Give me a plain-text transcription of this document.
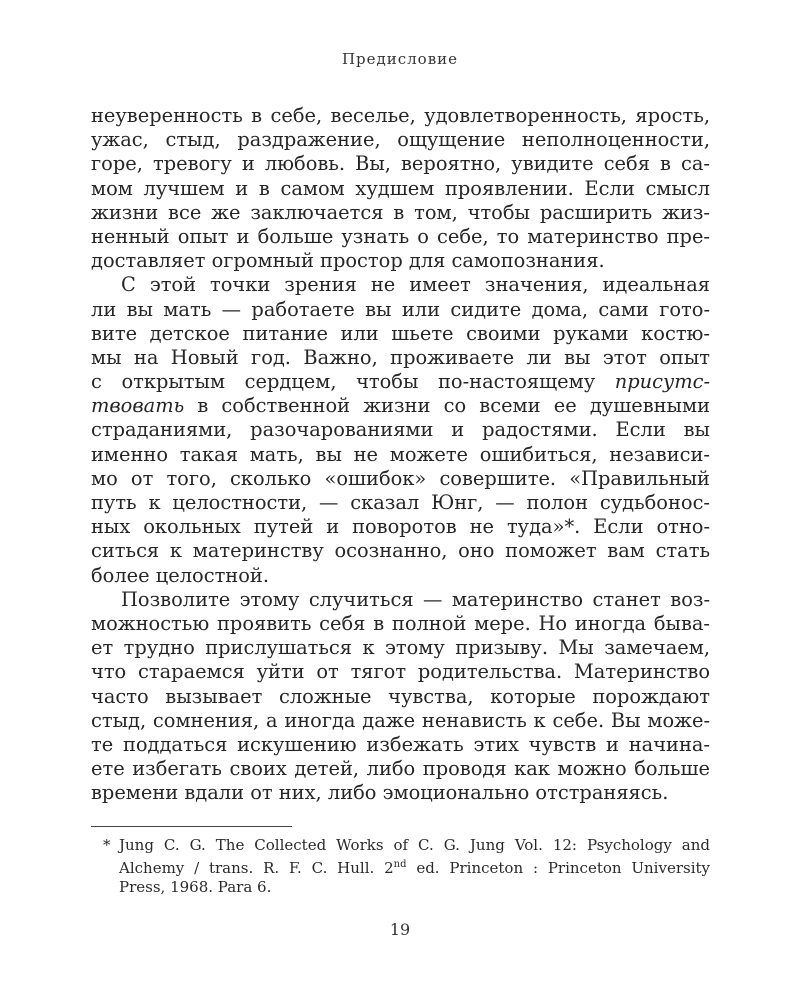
Предисловие
неуверенность в себе, веселье, удовлетворенность, ярость,
ужас, стыд, раздражение, ощущение неполноценности,
горе, тревогу и любовь. Вы, вероятно, увидите себя в са-
мом лучшем и в самом худшем проявлении. Если смысл
жизни все же заключается в том, чтобы расширить жиз-
ненный опыт и больше узнать о себе, то материнство пре-
доставляет огромный простор для самопознания.
С этой точки зрения не имеет значения, идеальная
ли вы мать — работаете вы или сидите дома, сами гото-
вите детское питание или шьете своими руками костю-
мы на Новый год. Важно, проживаете ли вы этот опыт
с открытым сердцем, чтобы по-настоящему присутс-
твовать в собственной жизни со всеми ее душевными
страданиями, разочарованиями и радостями. Если вы
именно такая мать, вы не можете ошибиться, независи-
мо от того, сколько «ошибок» совершите. «Правильный
путь к целостности, — сказал Юнг, — полон судьбонос-
ных окольных путей и поворотов не туда»*. Если отно-
ситься к материнству осознанно, оно поможет вам стать
более целостной.
Позволите этому случиться — материнство станет воз-
можностью проявить себя в полной мере. Но иногда быва-
ет трудно прислушаться к этому призыву. Мы замечаем,
что стараемся уйти от тягот родительства. Материнство
часто вызывает сложные чувства, которые порождают
стыд, сомнения, а иногда даже ненависть к себе. Вы може-
те поддаться искушению избежать этих чувств и начина-
ете избегать своих детей, либо проводя как можно больше
времени вдали от них, либо эмоционально отстраняясь.
* Jung C. G. The Collected Works of C. G. Jung Vol. 12: Psychology and
Alchemy / trans. R. F. C. Hull. 2nd ed. Princeton : Princeton University
Press, 1968. Para 6.
19
